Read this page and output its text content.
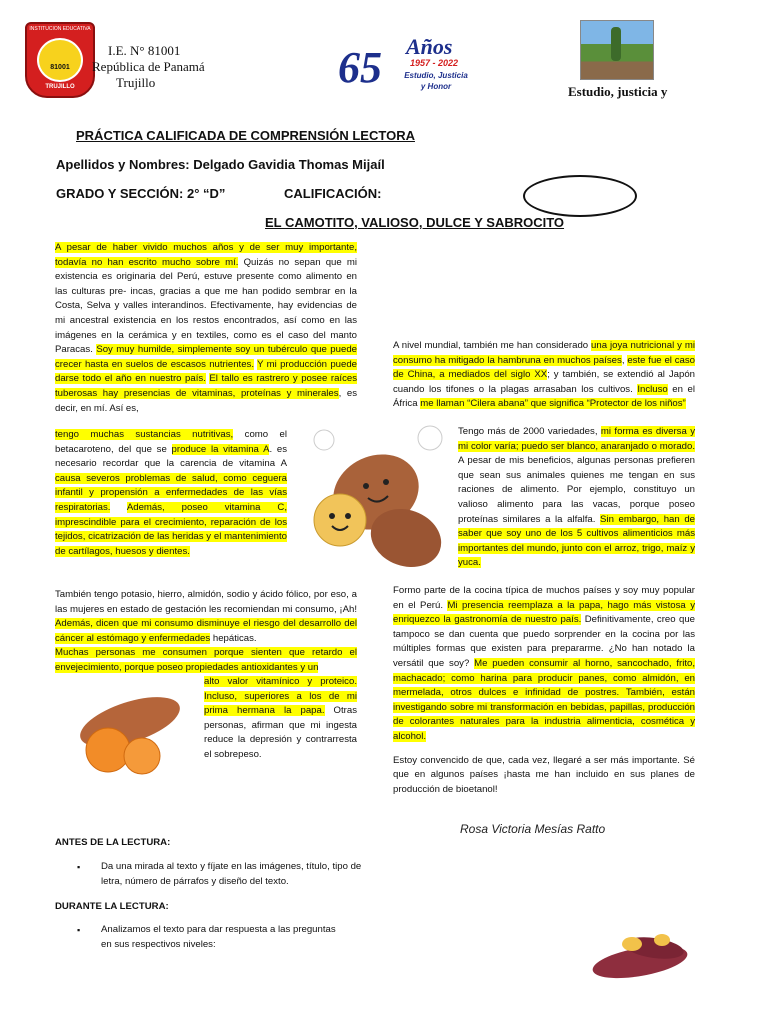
INSTITUCION EDUCATIVA
81001
TRUJILLO
I.E. N° 81001
República de Panamá
Trujillo	65 Años
1957 - 2022
Estudio, Justicia
y Honor	Estudio, justicia y
PRÁCTICA CALIFICADA DE COMPRENSIÓN LECTORA
Apellidos y Nombres: Delgado Gavidia Thomas Mijaíl
GRADO Y SECCIÓN: 2° “D”	CALIFICACIÓN:
EL CAMOTITO, VALIOSO, DULCE Y SABROCITO

A pesar de haber vivido muchos años y de ser muy importante, todavía no han escrito mucho sobre mí. Quizás no sepan que mi existencia es originaria del Perú, estuve presente como alimento en las culturas pre- incas, gracias a que me han podido sembrar en la Costa, Selva y valles interandinos. Efectivamente, hay evidencias de mi ancestral existencia en los restos encontrados, así como en las imágenes en la cerámica y en textiles, como es el caso del manto Paracas. Soy muy humilde, simplemente soy un tubérculo que puede crecer hasta en suelos de escasos nutrientes. Y mi producción puede darse todo el año en nuestro país. El tallo es rastrero y posee raíces tuberosas hay presencias de vitaminas, proteínas y minerales, es decir, en mí. Así es,

tengo muchas sustancias nutritivas, como el betacaroteno, del que se produce la vitamina A. es necesario recordar que la carencia de vitamina A causa severos problemas de salud, como ceguera infantil y propensión a enfermedades de las vías respiratorias. Además, poseo vitamina C, imprescindible para el crecimiento, reparación de los tejidos, cicatrización de las heridas y el mantenimiento de cartílagos, huesos y dientes.

También tengo potasio, hierro, almidón, sodio y ácido fólico, por eso, a las mujeres en estado de gestación les recomiendan mi consumo, ¡Ah! Además, dicen que mi consumo disminuye el riesgo del desarrollo del cáncer al estómago y enfermedades hepáticas.

Muchas personas me consumen porque sienten que retardo el envejecimiento, porque poseo propiedades antioxidantes y un

alto valor vitamínico y proteico. Incluso, superiores a los de mi prima hermana la papa. Otras personas, afirman que mi ingesta reduce la depresión y contrarresta el sobrepeso.

A nivel mundial, también me han considerado una joya nutricional y mi consumo ha mitigado la hambruna en muchos países, este fue el caso de China, a mediados del siglo XX; y también, se extendió al Japón cuando los tifones o la plagas arrasaban los cultivos. Incluso en el África me llaman “Cilera abana” que significa “Protector de los niños”

Tengo más de 2000 variedades, mi forma es diversa y mi color varía; puedo ser blanco, anaranjado o morado. A pesar de mis beneficios, algunas personas prefieren que sean sus animales quienes me tengan en sus raciones de alimento. Por ejemplo, constituyo un valioso alimento para las vacas, porque poseo proteínas similares a la alfalfa. Sin embargo, han de saber que soy uno de los 5 cultivos alimenticios más importantes del mundo, junto con el arroz, trigo, maíz y yuca.

Formo parte de la cocina típica de muchos países y soy muy popular en el Perú. Mi presencia reemplaza a la papa, hago más vistosa y enriquezco la gastronomía de nuestro país. Definitivamente, creo que tampoco se dan cuenta que puedo sorprender en la cocina por las múltiples formas que existen para prepararme. ¿No han notado la versátil que soy? Me pueden consumir al horno, sancochado, frito, machacado; como harina para producir panes, como almidón, en mermelada, otros dulces e infinidad de postres. También, están investigando sobre mi transformación en bebidas, papillas, producción de colorantes naturales para la industria alimenticia, cosmética y alcohol.

Estoy convencido de que, cada vez, llegaré a ser más importante. Sé que en algunos países ¡hasta me han incluido en sus planes de producción de bioetanol!

Rosa Victoria Mesías Ratto
ANTES DE LA LECTURA:
▪ Da una mirada al texto y fíjate en las imágenes, título, tipo de letra, número de párrafos y diseño del texto.
DURANTE LA LECTURA:
▪ Analizamos el texto para dar respuesta a las preguntas en sus respectivos niveles:
